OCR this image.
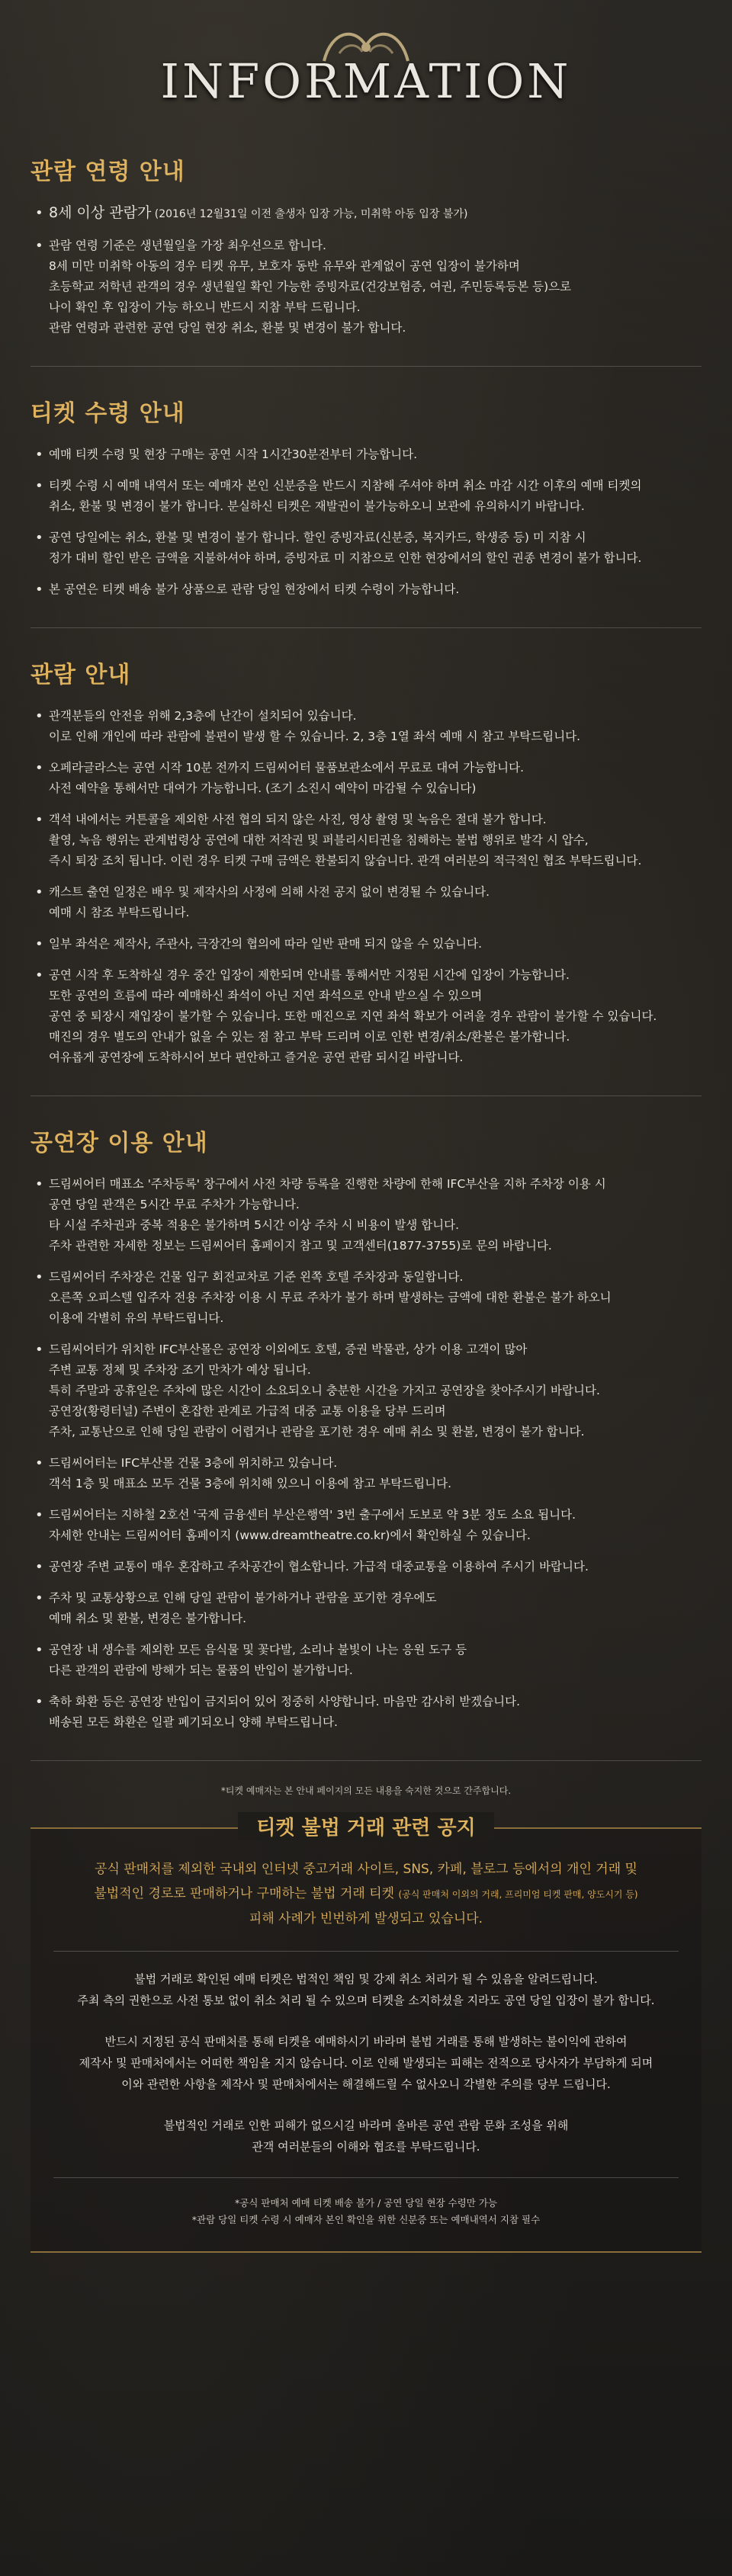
INFORMATION
관람 연령 안내
• 8세 이상 관람가 (2016년 12월31일 이전 출생자 입장 가능, 미취학 아동 입장 불가)
• 관람 연령 기준은 생년월일을 가장 최우선으로 합니다.
8세 미만 미취학 아동의 경우 티켓 유무, 보호자 동반 유무와 관계없이 공연 입장이 불가하며
초등학교 저학년 관객의 경우 생년월일 확인 가능한 증빙자료(건강보험증, 여권, 주민등록등본 등)으로
나이 확인 후 입장이 가능 하오니 반드시 지참 부탁 드립니다.
관람 연령과 관련한 공연 당일 현장 취소, 환불 및 변경이 불가 합니다.
티켓 수령 안내
• 예매 티켓 수령 및 현장 구매는 공연 시작 1시간30분전부터 가능합니다.
• 티켓 수령 시 예매 내역서 또는 예매자 본인 신분증을 반드시 지참해 주셔야 하며 취소 마감 시간 이후의 예매 티켓의
취소, 환불 및 변경이 불가 합니다. 분실하신 티켓은 재발권이 불가능하오니 보관에 유의하시기 바랍니다.
• 공연 당일에는 취소, 환불 및 변경이 불가 합니다. 할인 증빙자료(신분증, 복지카드, 학생증 등) 미 지참 시
정가 대비 할인 받은 금액을 지불하셔야 하며, 증빙자료 미 지참으로 인한 현장에서의 할인 권종 변경이 불가 합니다.
• 본 공연은 티켓 배송 불가 상품으로 관람 당일 현장에서 티켓 수령이 가능합니다.
관람 안내
• 관객분들의 안전을 위해 2,3층에 난간이 설치되어 있습니다.
이로 인해 개인에 따라 관람에 불편이 발생 할 수 있습니다. 2, 3층 1열 좌석 예매 시 참고 부탁드립니다.
• 오페라글라스는 공연 시작 10분 전까지 드림씨어터 물품보관소에서 무료로 대여 가능합니다.
사전 예약을 통해서만 대여가 가능합니다. (조기 소진시 예약이 마감될 수 있습니다)
• 객석 내에서는 커튼콜을 제외한 사전 협의 되지 않은 사진, 영상 촬영 및 녹음은 절대 불가 합니다.
촬영, 녹음 행위는 관계법령상 공연에 대한 저작권 및 퍼블리시티권을 침해하는 불법 행위로 발각 시 압수,
즉시 퇴장 조치 됩니다. 이런 경우 티켓 구매 금액은 환불되지 않습니다. 관객 여러분의 적극적인 협조 부탁드립니다.
• 캐스트 출연 일정은 배우 및 제작사의 사정에 의해 사전 공지 없이 변경될 수 있습니다.
예매 시 참조 부탁드립니다.
• 일부 좌석은 제작사, 주관사, 극장간의 협의에 따라 일반 판매 되지 않을 수 있습니다.
• 공연 시작 후 도착하실 경우 중간 입장이 제한되며 안내를 통해서만 지정된 시간에 입장이 가능합니다.
또한 공연의 흐름에 따라 예매하신 좌석이 아닌 지연 좌석으로 안내 받으실 수 있으며
공연 중 퇴장시 재입장이 불가할 수 있습니다. 또한 매진으로 지연 좌석 확보가 어려울 경우 관람이 불가할 수 있습니다.
매진의 경우 별도의 안내가 없을 수 있는 점 참고 부탁 드리며 이로 인한 변경/취소/환불은 불가합니다.
여유롭게 공연장에 도착하시어 보다 편안하고 즐거운 공연 관람 되시길 바랍니다.
공연장 이용 안내
• 드림씨어터 매표소 '주차등록' 창구에서 사전 차량 등록을 진행한 차량에 한해 IFC부산을 지하 주차장 이용 시
공연 당일 관객은 5시간 무료 주차가 가능합니다.
타 시설 주차권과 중복 적용은 불가하며 5시간 이상 주차 시 비용이 발생 합니다.
주차 관련한 자세한 정보는 드림씨어터 홈페이지 참고 및 고객센터(1877-3755)로 문의 바랍니다.
• 드림씨어터 주차장은 건물 입구 회전교차로 기준 왼쪽 호텔 주차장과 동일합니다.
오른쪽 오피스텔 입주자 전용 주차장 이용 시 무료 주차가 불가 하며 발생하는 금액에 대한 환불은 불가 하오니
이용에 각별히 유의 부탁드립니다.
• 드림씨어터가 위치한 IFC부산몰은 공연장 이외에도 호텔, 증권 박물관, 상가 이용 고객이 많아
주변 교통 정체 및 주차장 조기 만차가 예상 됩니다.
특히 주말과 공휴일은 주차에 많은 시간이 소요되오니 충분한 시간을 가지고 공연장을 찾아주시기 바랍니다.
공연장(황령터널) 주변이 혼잡한 관계로 가급적 대중 교통 이용을 당부 드리며
주차, 교통난으로 인해 당일 관람이 어렵거나 관람을 포기한 경우 예매 취소 및 환불, 변경이 불가 합니다.
• 드림씨어터는 IFC부산몰 건물 3층에 위치하고 있습니다.
객석 1층 및 매표소 모두 건물 3층에 위치해 있으니 이용에 참고 부탁드립니다.
• 드림씨어터는 지하철 2호선 '국제 금융센터 부산은행역' 3번 출구에서 도보로 약 3분 정도 소요 됩니다.
자세한 안내는 드림씨어터 홈페이지 (www.dreamtheatre.co.kr)에서 확인하실 수 있습니다.
• 공연장 주변 교통이 매우 혼잡하고 주차공간이 협소합니다. 가급적 대중교통을 이용하여 주시기 바랍니다.
• 주차 및 교통상황으로 인해 당일 관람이 불가하거나 관람을 포기한 경우에도
예매 취소 및 환불, 변경은 불가합니다.
• 공연장 내 생수를 제외한 모든 음식물 및 꽃다발, 소리나 불빛이 나는 응원 도구 등
다른 관객의 관람에 방해가 되는 물품의 반입이 불가합니다.
• 축하 화환 등은 공연장 반입이 금지되어 있어 정중히 사양합니다. 마음만 감사히 받겠습니다.
배송된 모든 화환은 일괄 폐기되오니 양해 부탁드립니다.
*티켓 예매자는 본 안내 페이지의 모든 내용을 숙지한 것으로 간주합니다.
티켓 불법 거래 관련 공지

공식 판매처를 제외한 국내외 인터넷 중고거래 사이트, SNS, 카페, 블로그 등에서의 개인 거래 및
불법적인 경로로 판매하거나 구매하는 불법 거래 티켓 (공식 판매처 이외의 거래, 프리미엄 티켓 판매, 양도시기 등)
피해 사례가 빈번하게 발생되고 있습니다.

불법 거래로 확인된 예매 티켓은 법적인 책임 및 강제 취소 처리가 될 수 있음을 알려드립니다.
주최 측의 권한으로 사전 통보 없이 취소 처리 될 수 있으며 티켓을 소지하셨을 지라도 공연 당일 입장이 불가 합니다.

반드시 지정된 공식 판매처를 통해 티켓을 예매하시기 바라며 불법 거래를 통해 발생하는 불이익에 관하여
제작사 및 판매처에서는 어떠한 책임을 지지 않습니다. 이로 인해 발생되는 피해는 전적으로 당사자가 부담하게 되며
이와 관련한 사항을 제작사 및 판매처에서는 해결해드릴 수 없사오니 각별한 주의를 당부 드립니다.

불법적인 거래로 인한 피해가 없으시길 바라며 올바른 공연 관람 문화 조성을 위해
관객 여러분들의 이해와 협조를 부탁드립니다.

*공식 판매처 예매 티켓 배송 불가 / 공연 당일 현장 수령만 가능
*관람 당일 티켓 수령 시 예매자 본인 확인을 위한 신분증 또는 예매내역서 지참 필수
